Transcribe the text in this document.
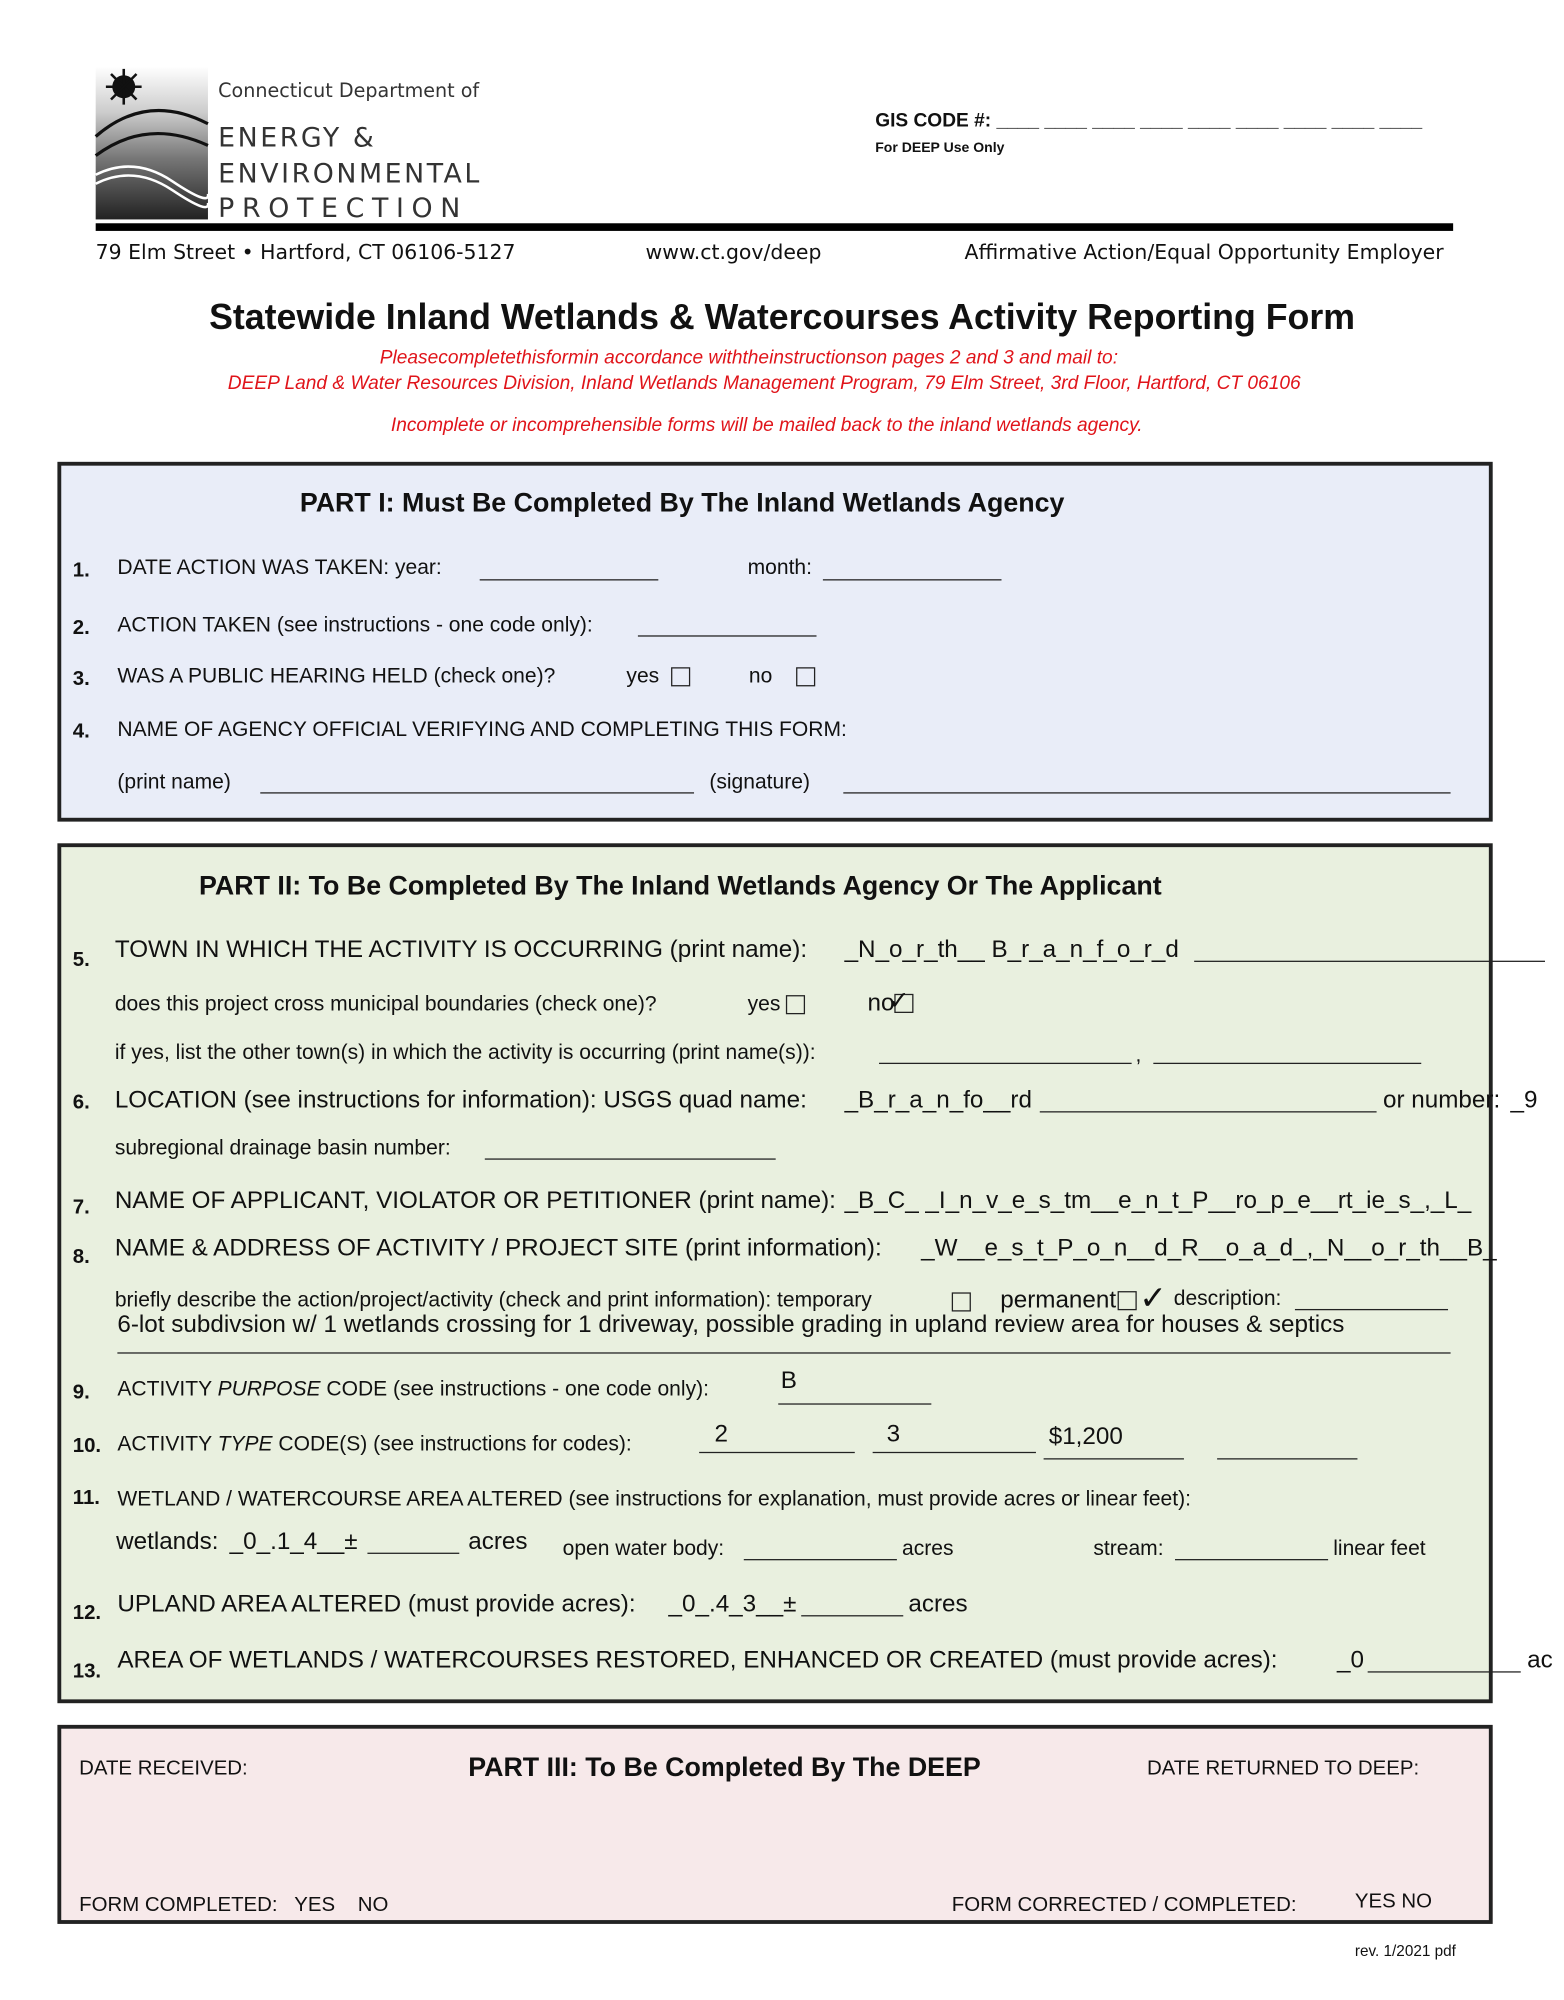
Connecticut Department of
ENERGY &
ENVIRONMENTAL
PROTECTION
GIS CODE #: ____ ____ ____ ____ ____ ____ ____ ____ ____
For DEEP Use Only
79 Elm Street • Hartford, CT 06106-5127	www.ct.gov/deep	Affirmative Action/Equal Opportunity Employer
Statewide Inland Wetlands & Watercourses Activity Reporting Form
Pleasecompletethisformin accordance withtheinstructionson pages 2 and 3 and mail to:
DEEP Land & Water Resources Division, Inland Wetlands Management Program, 79 Elm Street, 3rd Floor, Hartford, CT 06106
Incomplete or incomprehensible forms will be mailed back to the inland wetlands agency.
PART I: Must Be Completed By The Inland Wetlands Agency
1. DATE ACTION WAS TAKEN: year:	month:
2. ACTION TAKEN (see instructions - one code only):
3. WAS A PUBLIC HEARING HELD (check one)?	yes	no
4. NAME OF AGENCY OFFICIAL VERIFYING AND COMPLETING THIS FORM:
(print name)	(signature)
PART II: To Be Completed By The Inland Wetlands Agency Or The Applicant
5. TOWN IN WHICH THE ACTIVITY IS OCCURRING (print name): _N_o_r_th__ B_r_a_n_f_o_r_d
does this project cross municipal boundaries (check one)?	yes	no
✓
if yes, list the other town(s) in which the activity is occurring (print name(s)):	,
6. LOCATION (see instructions for information): USGS quad name: _B_r_a_n_fo__rd	or number: _9
subregional drainage basin number:
7. NAME OF APPLICANT, VIOLATOR OR PETITIONER (print name): _B_C_ _I_n_v_e_s_tm__e_n_t_P__ro_p_e__rt_ie_s_,_L_
8. NAME & ADDRESS OF ACTIVITY / PROJECT SITE (print information): _W__e_s_t_P_o_n__d_R__o_a_d_,_N__o_r_th__B_
briefly describe the action/project/activity (check and print information): temporary	permanent ✓ description:
6-lot subdivsion w/ 1 wetlands crossing for 1 driveway, possible grading in upland review area for houses & septics
9. ACTIVITY PURPOSE CODE (see instructions - one code only):	B
10. ACTIVITY TYPE CODE(S) (see instructions for codes):	2	3	$1,200
11. WETLAND / WATERCOURSE AREA ALTERED (see instructions for explanation, must provide acres or linear feet):
wetlands: _0_.1_4__±	acres open water body:	acres	stream:	linear feet
12. UPLAND AREA ALTERED (must provide acres): _0_.4_3__±	acres
13. AREA OF WETLANDS / WATERCOURSES RESTORED, ENHANCED OR CREATED (must provide acres):	_0	ac
DATE RECEIVED:	PART III: To Be Completed By The DEEP	DATE RETURNED TO DEEP:
FORM COMPLETED:   YES    NO	FORM CORRECTED / COMPLETED:	YES NO
rev. 1/2021 pdf
